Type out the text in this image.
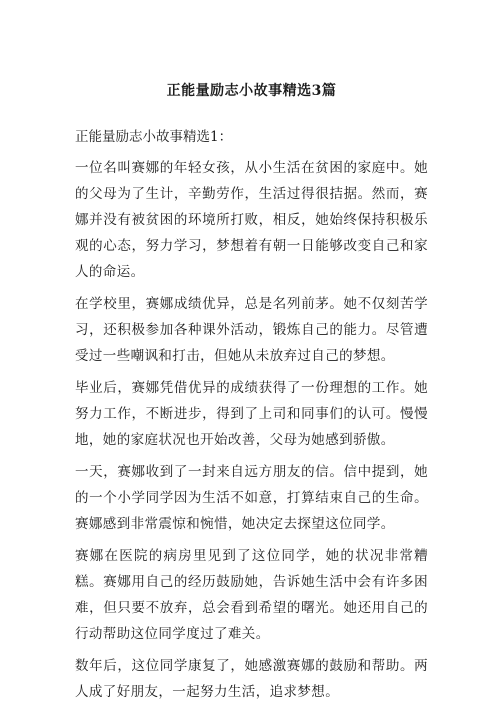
正能量励志小故事精选3篇
正能量励志小故事精选1：

一位名叫赛娜的年轻女孩，从小生活在贫困的家庭中。她的父母为了生计，辛勤劳作，生活过得很拮据。然而，赛娜并没有被贫困的环境所打败，相反，她始终保持积极乐观的心态，努力学习，梦想着有朝一日能够改变自己和家人的命运。

在学校里，赛娜成绩优异，总是名列前茅。她不仅刻苦学习，还积极参加各种课外活动，锻炼自己的能力。尽管遭受过一些嘲讽和打击，但她从未放弃过自己的梦想。

毕业后，赛娜凭借优异的成绩获得了一份理想的工作。她努力工作，不断进步，得到了上司和同事们的认可。慢慢地，她的家庭状况也开始改善，父母为她感到骄傲。

一天，赛娜收到了一封来自远方朋友的信。信中提到，她的一个小学同学因为生活不如意，打算结束自己的生命。赛娜感到非常震惊和惋惜，她决定去探望这位同学。

赛娜在医院的病房里见到了这位同学，她的状况非常糟糕。赛娜用自己的经历鼓励她，告诉她生活中会有许多困难，但只要不放弃，总会看到希望的曙光。她还用自己的行动帮助这位同学度过了难关。

数年后，这位同学康复了，她感激赛娜的鼓励和帮助。两人成了好朋友，一起努力生活，追求梦想。
